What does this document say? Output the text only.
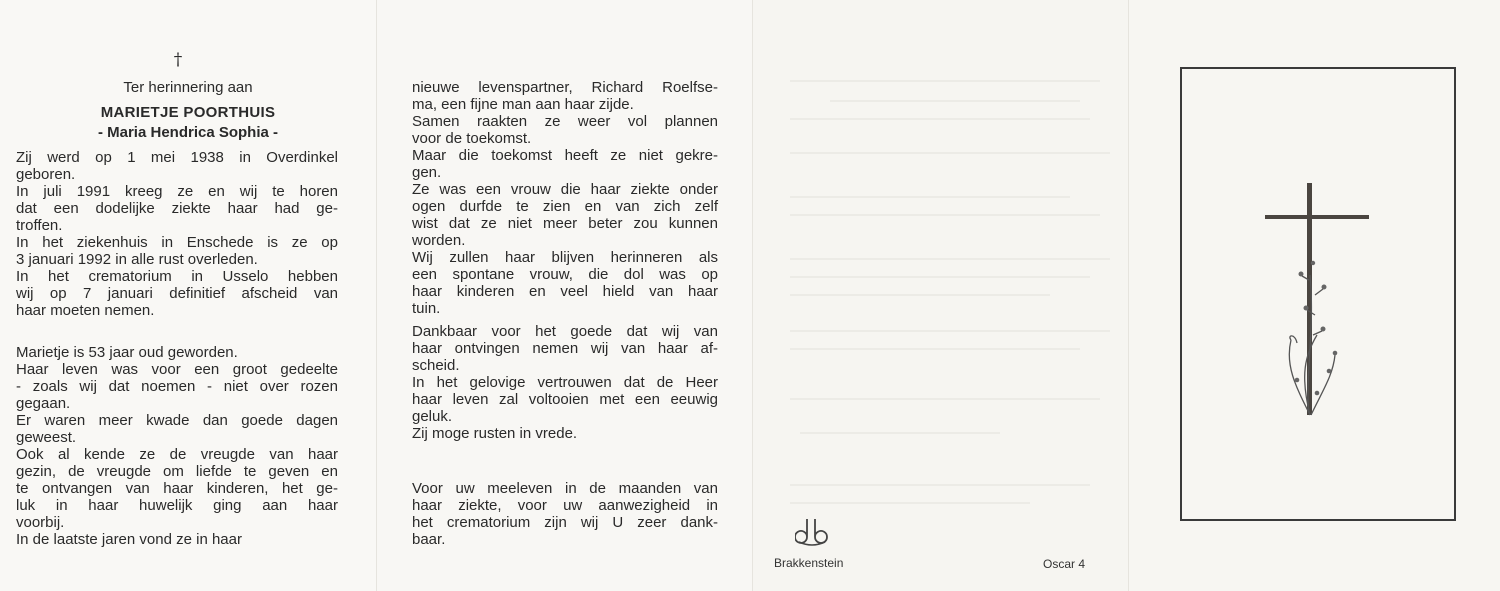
†
Ter herinnering aan
MARIETJE POORTHUIS
- Maria Hendrica Sophia -
Zij werd op 1 mei 1938 in Overdinkel
geboren.
In juli 1991 kreeg ze en wij te horen
dat een dodelijke ziekte haar had ge-
troffen.
In het ziekenhuis in Enschede is ze op
3 januari 1992 in alle rust overleden.
In het crematorium in Usselo hebben
wij op 7 januari definitief afscheid van
haar moeten nemen.
Marietje is 53 jaar oud geworden.
Haar leven was voor een groot gedeelte
- zoals wij dat noemen - niet over rozen
gegaan.
Er waren meer kwade dan goede dagen
geweest.
Ook al kende ze de vreugde van haar
gezin, de vreugde om liefde te geven en
te ontvangen van haar kinderen, het ge-
luk in haar huwelijk ging aan haar
voorbij.
In de laatste jaren vond ze in haar
nieuwe levenspartner, Richard Roelfse-
ma, een fijne man aan haar zijde.
Samen raakten ze weer vol plannen
voor de toekomst.
Maar die toekomst heeft ze niet gekre-
gen.
Ze was een vrouw die haar ziekte onder
ogen durfde te zien en van zich zelf
wist dat ze niet meer beter zou kunnen
worden.
Wij zullen haar blijven herinneren als
een spontane vrouw, die dol was op
haar kinderen en veel hield van haar
tuin.
Dankbaar voor het goede dat wij van
haar ontvingen nemen wij van haar af-
scheid.
In het gelovige vertrouwen dat de Heer
haar leven zal voltooien met een eeuwig
geluk.
Zij moge rusten in vrede.
Voor uw meeleven in de maanden van
haar ziekte, voor uw aanwezigheid in
het crematorium zijn wij U zeer dank-
baar.
Brakkenstein	Oscar 4
